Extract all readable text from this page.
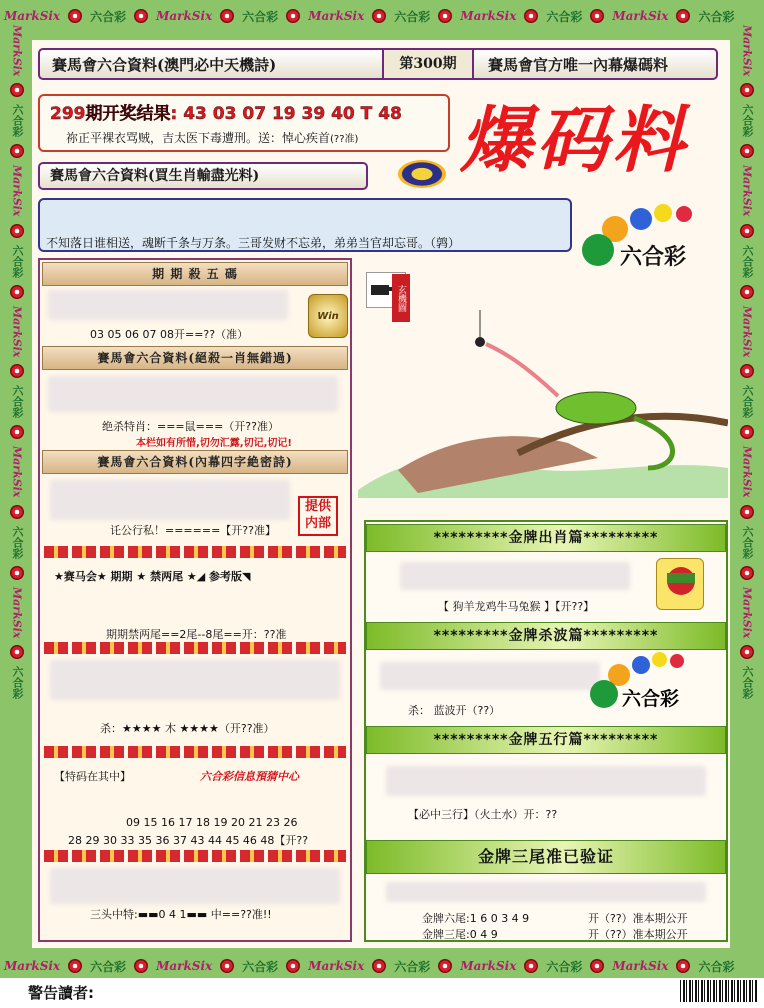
MarkSix	六合彩	MarkSix	六合彩	MarkSix	六合彩	MarkSix	六合彩	MarkSix	六合彩
MarkSix	六合彩	MarkSix	六合彩	MarkSix	六合彩	MarkSix	六合彩	MarkSix	六合彩
MarkSix
六合彩
MarkSix
六合彩
MarkSix
六合彩
MarkSix
六合彩
MarkSix
六合彩
MarkSix
六合彩
MarkSix
六合彩
MarkSix
六合彩
MarkSix
六合彩
MarkSix
六合彩
賽馬會六合資料(澳門必中天機詩)	第300期	賽馬會官方唯一內幕爆碼料
299期开奖结果: 43 03 07 19 39 40 T 48
祢正平裸衣骂贼，吉太医下毒遭刑。送：悼心疾首(??准)
賽馬會六合資料(買生肖輸盡光料)	爆码料
不知落日谁相送，魂断千条与万条。三哥发财不忘弟，弟弟当官却忘哥。（鹑）
六合彩
期 期 殺 五 碼
03 05 06 07 08开==??（准）
Win
賽馬會六合資料(絕殺一肖無錯過)
绝杀特肖：===鼠===（开??准）
本栏如有所惜,切勿汇露,切记,切记!
賽馬會六合資料(內幕四字絶密詩)
讬公行私！======【开??准】
提供
内部
★赛马会★ 期期 ★ 禁两尾 ★◢ 参考版◥
期期禁两尾==2尾--8尾==开：??准
杀：★★★★ 木 ★★★★（开??准）
【特码在其中】	六合彩信息預猜中心
09 15 16 17 18 19 20 21 23 26
28 29 30 33 35 36 37 43 44 45 46 48【开??
三头中特:▬▬0 4 1▬▬ 中==??准!!
玄機圖
*********金牌出肖篇*********
【 狗羊龙鸡牛马兔猴 】【开??】
*********金牌杀波篇*********
杀： 蓝波开（??）
六合彩
*********金牌五行篇*********
【必中三行】（火土水）开：??
金牌三尾准已验证
金牌六尾:1 6 0 3 4 9	开（??）准本期公开
金牌三尾:0 4 9	开（??）准本期公开
警告讀者:
